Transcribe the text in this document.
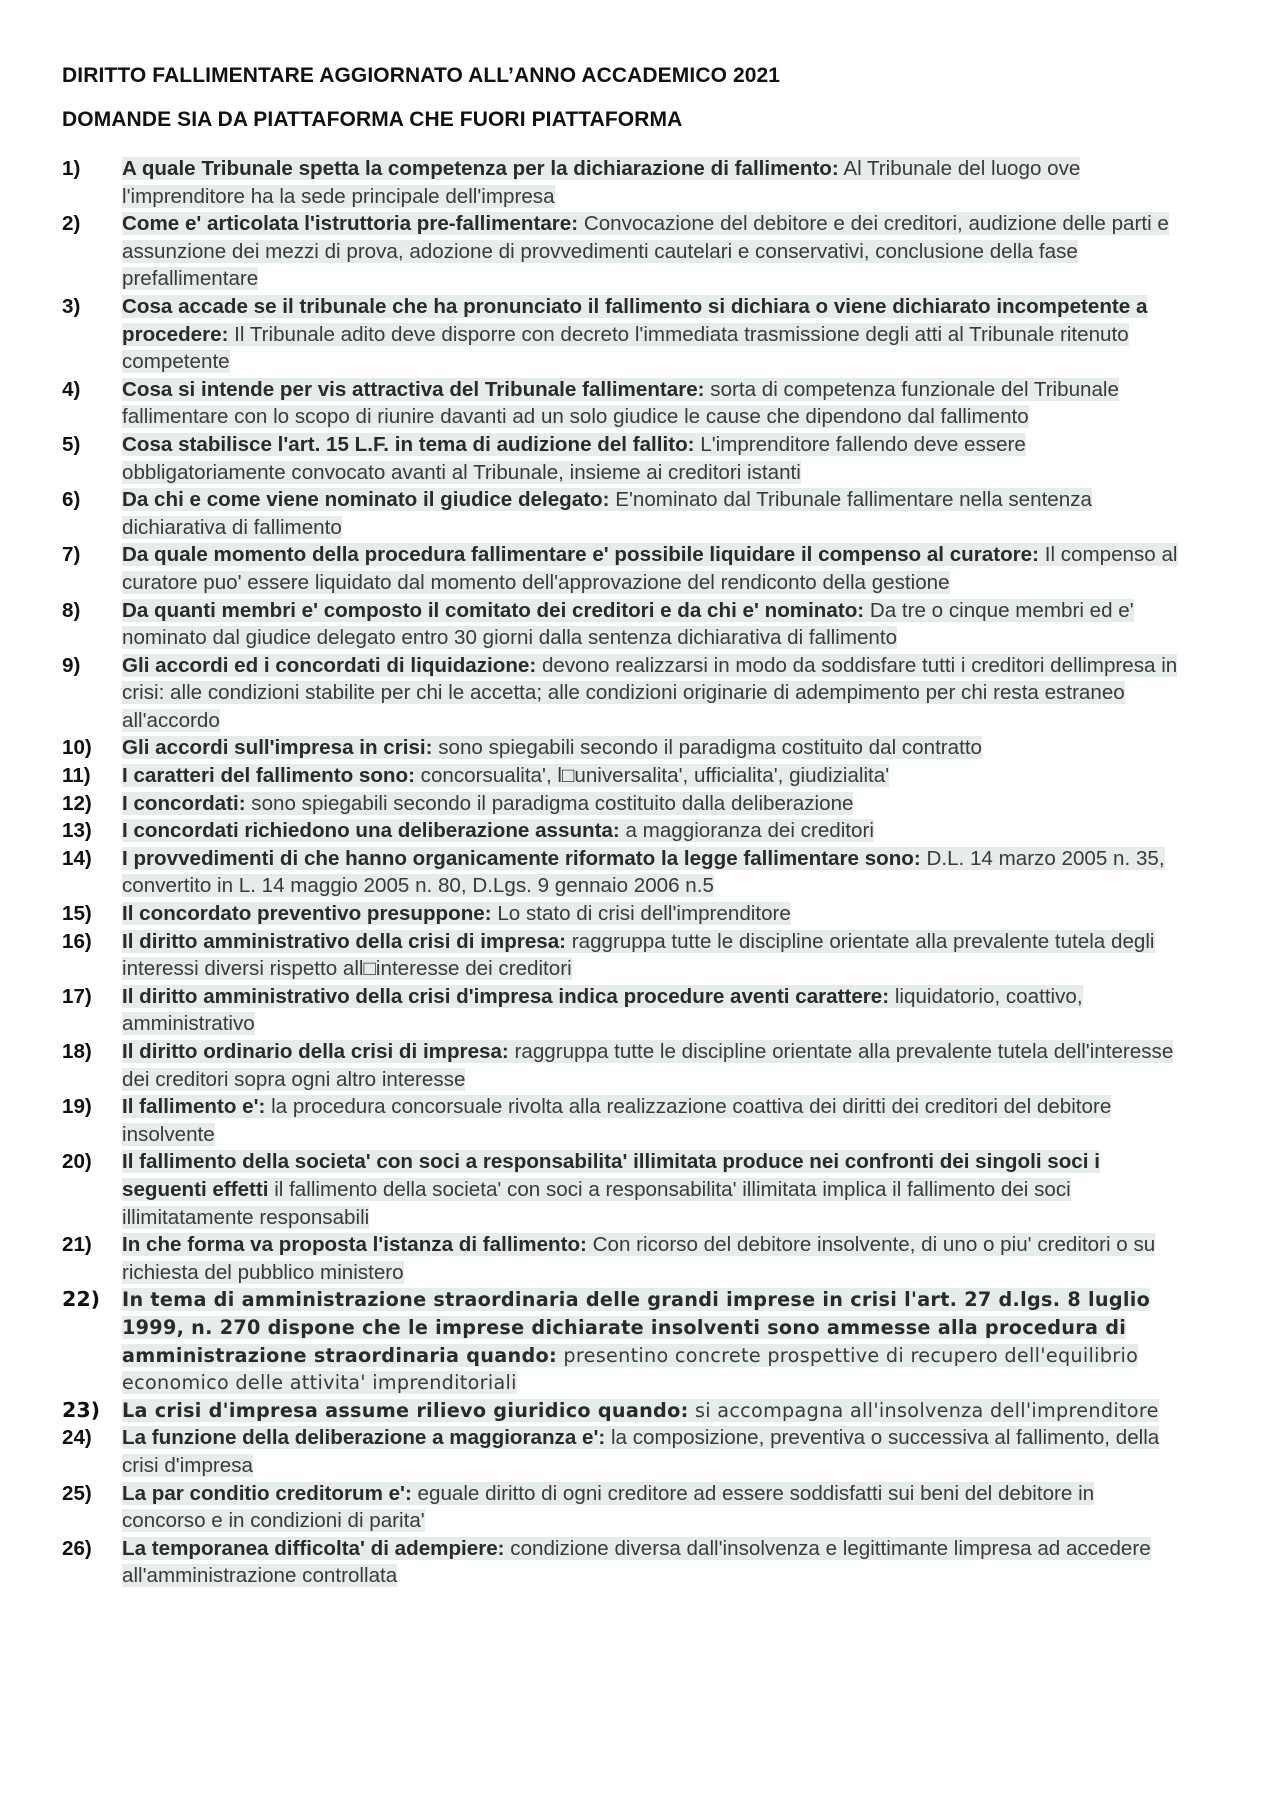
DIRITTO FALLIMENTARE AGGIORNATO ALL’ANNO ACCADEMICO 2021
DOMANDE SIA DA PIATTAFORMA CHE FUORI PIATTAFORMA
1) A quale Tribunale spetta la competenza per la dichiarazione di fallimento: Al Tribunale del luogo ove l'imprenditore ha la sede principale dell'impresa
2) Come e' articolata l'istruttoria pre-fallimentare: Convocazione del debitore e dei creditori, audizione delle parti e assunzione dei mezzi di prova, adozione di provvedimenti cautelari e conservativi, conclusione della fase prefallimentare
3) Cosa accade se il tribunale che ha pronunciato il fallimento si dichiara o viene dichiarato incompetente a procedere: Il Tribunale adito deve disporre con decreto l'immediata trasmissione degli atti al Tribunale ritenuto competente
4) Cosa si intende per vis attractiva del Tribunale fallimentare: sorta di competenza funzionale del Tribunale fallimentare con lo scopo di riunire davanti ad un solo giudice le cause che dipendono dal fallimento
5) Cosa stabilisce l'art. 15 L.F. in tema di audizione del fallito: L'imprenditore fallendo deve essere obbligatoriamente convocato avanti al Tribunale, insieme ai creditori istanti
6) Da chi e come viene nominato il giudice delegato: E'nominato dal Tribunale fallimentare nella sentenza dichiarativa di fallimento
7) Da quale momento della procedura fallimentare e' possibile liquidare il compenso al curatore: Il compenso al curatore puo' essere liquidato dal momento dell'approvazione del rendiconto della gestione
8) Da quanti membri e' composto il comitato dei creditori e da chi e' nominato: Da tre o cinque membri ed e' nominato dal giudice delegato entro 30 giorni dalla sentenza dichiarativa di fallimento
9) Gli accordi ed i concordati di liquidazione: devono realizzarsi in modo da soddisfare tutti i creditori dellimpresa in crisi: alle condizioni stabilite per chi le accetta; alle condizioni originarie di adempimento per chi resta estraneo all'accordo
10) Gli accordi sull'impresa in crisi: sono spiegabili secondo il paradigma costituito dal contratto
11) I caratteri del fallimento sono: concorsualita', l□universalita', ufficialita', giudizialita'
12) I concordati: sono spiegabili secondo il paradigma costituito dalla deliberazione
13) I concordati richiedono una deliberazione assunta: a maggioranza dei creditori
14) I provvedimenti di che hanno organicamente riformato la legge fallimentare sono: D.L. 14 marzo 2005 n. 35, convertito in L. 14 maggio 2005 n. 80, D.Lgs. 9 gennaio 2006 n.5
15) Il concordato preventivo presuppone: Lo stato di crisi dell'imprenditore
16) Il diritto amministrativo della crisi di impresa: raggruppa tutte le discipline orientate alla prevalente tutela degli interessi diversi rispetto all□interesse dei creditori
17) Il diritto amministrativo della crisi d'impresa indica procedure aventi carattere: liquidatorio, coattivo, amministrativo
18) Il diritto ordinario della crisi di impresa: raggruppa tutte le discipline orientate alla prevalente tutela dell'interesse dei creditori sopra ogni altro interesse
19) Il fallimento e': la procedura concorsuale rivolta alla realizzazione coattiva dei diritti dei creditori del debitore insolvente
20) Il fallimento della societa' con soci a responsabilita' illimitata produce nei confronti dei singoli soci i seguenti effetti il fallimento della societa' con soci a responsabilita' illimitata implica il fallimento dei soci illimitatamente responsabili
21) In che forma va proposta l'istanza di fallimento: Con ricorso del debitore insolvente, di uno o piu' creditori o su richiesta del pubblico ministero
22) In tema di amministrazione straordinaria delle grandi imprese in crisi l'art. 27 d.lgs. 8 luglio 1999, n. 270 dispone che le imprese dichiarate insolventi sono ammesse alla procedura di amministrazione straordinaria quando: presentino concrete prospettive di recupero dell'equilibrio economico delle attivita' imprenditoriali
23) La crisi d'impresa assume rilievo giuridico quando: si accompagna all'insolvenza dell'imprenditore
24) La funzione della deliberazione a maggioranza e': la composizione, preventiva o successiva al fallimento, della crisi d'impresa
25) La par conditio creditorum e': eguale diritto di ogni creditore ad essere soddisfatti sui beni del debitore in concorso e in condizioni di parita'
26) La temporanea difficolta' di adempiere: condizione diversa dall'insolvenza e legittimante limpresa ad accedere all'amministrazione controllata
